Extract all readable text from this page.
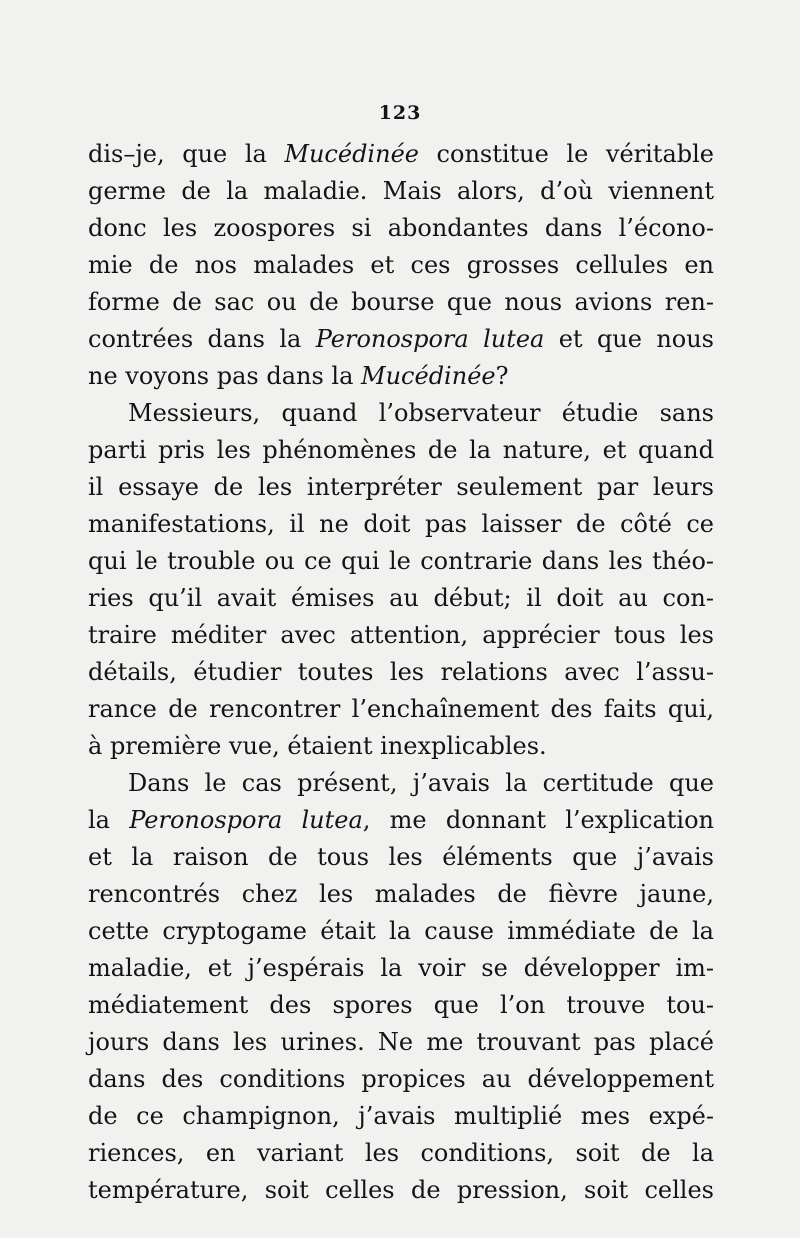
123
dis–je, que la Mucédinée constitue le véritable
germe de la maladie. Mais alors, d’où viennent
donc les zoospores si abondantes dans l’écono-
mie de nos malades et ces grosses cellules en
forme de sac ou de bourse que nous avions ren-
contrées dans la Peronospora lutea et que nous
ne voyons pas dans la Mucédinée?
Messieurs, quand l’observateur étudie sans
parti pris les phénomènes de la nature, et quand
il essaye de les interpréter seulement par leurs
manifestations, il ne doit pas laisser de côté ce
qui le trouble ou ce qui le contrarie dans les théo-
ries qu’il avait émises au début; il doit au con-
traire méditer avec attention, apprécier tous les
détails, étudier toutes les relations avec l’assu-
rance de rencontrer l’enchaînement des faits qui,
à première vue, étaient inexplicables.
Dans le cas présent, j’avais la certitude que
la Peronospora lutea, me donnant l’explication
et la raison de tous les éléments que j’avais
rencontrés chez les malades de fièvre jaune,
cette cryptogame était la cause immédiate de la
maladie, et j’espérais la voir se développer im-
médiatement des spores que l’on trouve tou-
jours dans les urines. Ne me trouvant pas placé
dans des conditions propices au développement
de ce champignon, j’avais multiplié mes expé-
riences, en variant les conditions, soit de la
température, soit celles de pression, soit celles
